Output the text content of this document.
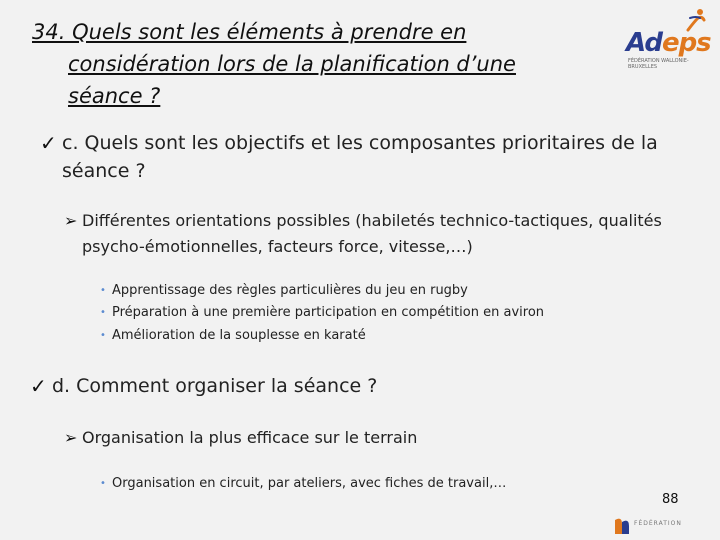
34. Quels sont les éléments à prendre en
considération lors de la planification d’une
séance ?
Adeps
FÉDÉRATION WALLONIE-BRUXELLES
✓ c. Quels sont les objectifs et les composantes prioritaires de la
séance ?
➢ Différentes orientations possibles (habiletés technico-tactiques, qualités
psycho-émotionnelles, facteurs force, vitesse,…)
• Apprentissage des règles particulières du jeu en rugby
• Préparation à une première participation en compétition en aviron
• Amélioration de la souplesse en karaté
✓ d. Comment organiser la séance ?
➢ Organisation la plus efficace sur le terrain
• Organisation en circuit, par ateliers, avec fiches de travail,…
88
FÉDÉRATION
